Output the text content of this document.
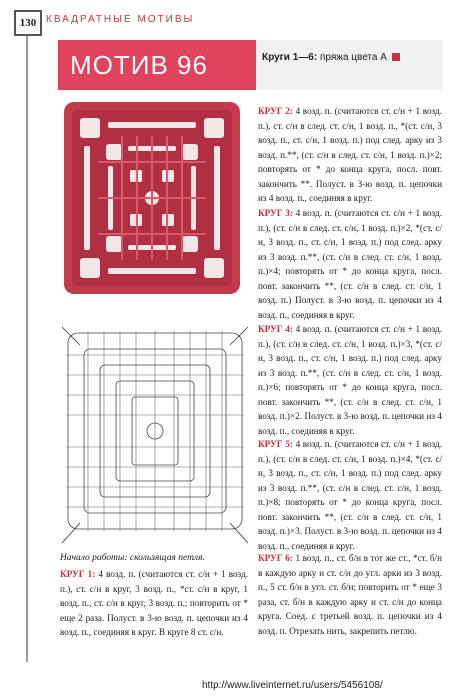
130 КВАДРАТНЫЕ МОТИВЫ
МОТИВ 96	Круги 1—6: пряжа цвета А
Начало работы: скользящая петля.
КРУГ 1: 4 возд. п. (считаются ст. с/н + 1 возд. п.), ст. с/н в круг, 3 возд. п., *ст. с/н в круг, 1 возд. п., ст. с/н в круг, 3 возд. п.; повторить от * еще 2 раза. Полуст. в 3-ю возд. п. цепочки из 4 возд. п., соединяя в круг. В круге 8 ст. с/н.
КРУГ 2: 4 возд. п. (считаются ст. с/н + 1 возд. п.), ст. с/н в след. ст. с/н, 1 возд. п., *(ст. с/н, 3 возд. п., ст. с/н, 1 возд. п.) под след. арку из 3 возд. п.**, (ст. с/н в след. ст. с/н, 1 возд. п.)×2; повторять от * до конца круга, посл. повт. закончить **. Полуст. в 3-ю возд. п. цепочки из 4 возд. п., соединяя в круг.
КРУГ 3: 4 возд. п. (считаются ст. с/н + 1 возд. п.), (ст. с/н в след. ст. с/н, 1 возд. п.)×2, *(ст. с/н, 3 возд. п., ст. с/н, 1 возд. п.) под след. арку из 3 возд. п.**, (ст. с/н в след. ст. с/н, 1 возд. п.)×4; повторять от * до конца круга, посл. повт. закончить **, (ст. с/н в след. ст. с/н, 1 возд. п.) Полуст. в 3-ю возд. п. цепочки из 4 возд. п., соединяя в круг.
КРУГ 4: 4 возд. п. (считаются ст. с/н + 1 возд. п.), (ст. с/н в след. ст. с/н, 1 возд. п.)×3, *(ст. с/н, 3 возд. п., ст. с/н, 1 возд. п.) под след. арку из 3 возд. п.**, (ст. с/н в след. ст. с/н, 1 возд. п.)×6; повторять от * до конца круга, посл. повт. закончить **, (ст. с/н в след. ст. с/н, 1 возд. п.)×2. Полуст. в 3-ю возд. п. цепочки из 4 возд. п., соединяя в круг.
КРУГ 5: 4 возд. п. (считаются ст. с/н + 1 возд. п.), (ст. с/н в след. ст. с/н, 1 возд. п.)×4, *(ст. с/н, 3 возд. п., ст. с/н, 1 возд. п.) под след. арку из 3 возд. п.**, (ст. с/н в след. ст. с/н, 1 возд. п.)×8; повторять от * до конца круга, посл. повт. закончить **, (ст. с/н в след. ст. с/н, 1 возд. п.)×3. Полуст. в 3-ю возд. п. цепочки из 4 возд. п., соединяя в круг.
КРУГ 6: 1 возд. п., ст. б/н в тот же ст., *ст. б/н в каждую арку и ст. с/н до угл. арки из 3 возд. п., 5 ст. б/н в угл. ст. б/н; повторить от * еще 3 раза, ст. б/н в каждую арку и ст. с/н до конца круга. Соед. с третьей возд. п. цепочки из 4 возд. п. Отрезать нить, закрепить петлю.
http://www.liveinternet.ru/users/5456108/
